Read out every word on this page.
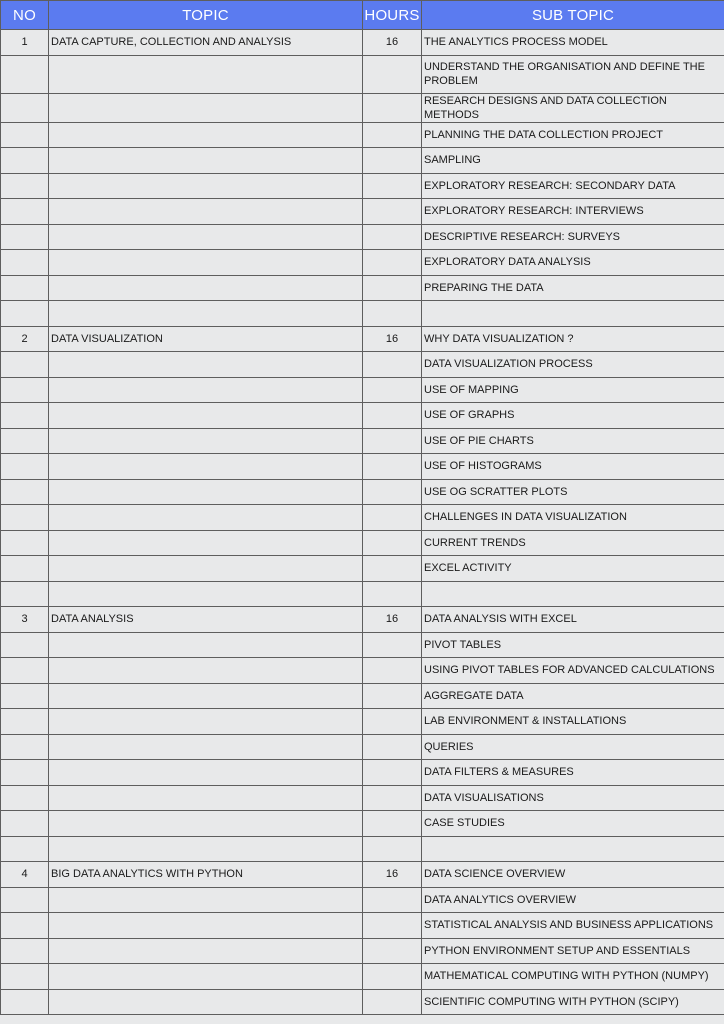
NO	TOPIC	HOURS	SUB TOPIC
1	DATA CAPTURE, COLLECTION AND ANALYSIS	16	THE ANALYTICS PROCESS MODEL
			UNDERSTAND THE ORGANISATION AND DEFINE THE PROBLEM
			RESEARCH DESIGNS AND DATA COLLECTION METHODS
			PLANNING THE DATA COLLECTION PROJECT
			SAMPLING
			EXPLORATORY RESEARCH: SECONDARY DATA
			EXPLORATORY RESEARCH: INTERVIEWS
			DESCRIPTIVE RESEARCH: SURVEYS
			EXPLORATORY DATA ANALYSIS
			PREPARING THE DATA

2	DATA VISUALIZATION	16	WHY DATA VISUALIZATION ?
			DATA VISUALIZATION PROCESS
			USE OF MAPPING
			USE OF GRAPHS
			USE OF PIE CHARTS
			USE OF HISTOGRAMS
			USE OG SCRATTER PLOTS
			CHALLENGES IN DATA VISUALIZATION
			CURRENT TRENDS
			EXCEL ACTIVITY

3	DATA ANALYSIS	16	DATA ANALYSIS WITH EXCEL
			PIVOT TABLES
			USING PIVOT TABLES FOR ADVANCED CALCULATIONS
			AGGREGATE DATA
			LAB ENVIRONMENT & INSTALLATIONS
			QUERIES
			DATA FILTERS & MEASURES
			DATA VISUALISATIONS
			CASE STUDIES

4	BIG DATA ANALYTICS WITH PYTHON	16	DATA SCIENCE OVERVIEW
			DATA ANALYTICS OVERVIEW
			STATISTICAL ANALYSIS AND BUSINESS APPLICATIONS
			PYTHON ENVIRONMENT SETUP AND ESSENTIALS
			MATHEMATICAL COMPUTING WITH PYTHON (NUMPY)
			SCIENTIFIC COMPUTING WITH PYTHON (SCIPY)
